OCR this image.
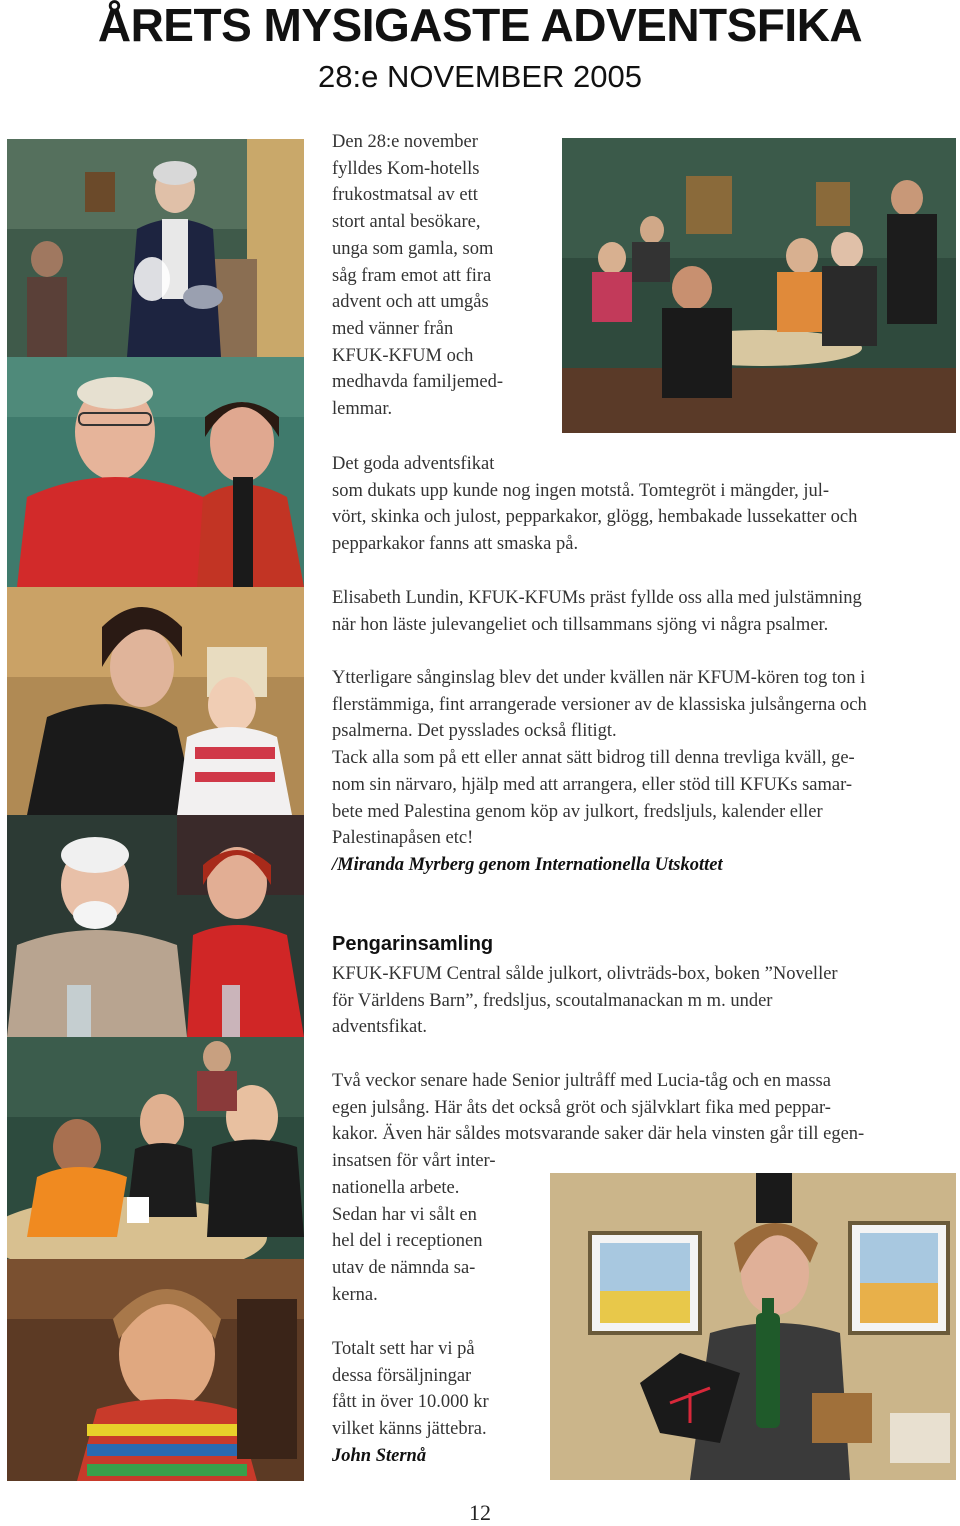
ÅRETS MYSIGASTE ADVENTSFIKA
28:e NOVEMBER 2005
Den 28:e november
fylldes Kom-hotells
frukostmatsal av ett
stort antal besökare,
unga som gamla, som
såg fram emot att fira
advent och att umgås
med vänner från
KFUK-KFUM och
medhavda familjemed-
lemmar.
Det goda adventsfikat
som dukats upp kunde nog ingen motstå. Tomtegröt i mängder, jul-
vört, skinka och julost, pepparkakor, glögg, hembakade lussekatter och
pepparkakor fanns att smaska på.
Elisabeth Lundin, KFUK-KFUMs präst fyllde oss alla med julstämning
när hon läste julevangeliet och tillsammans sjöng vi några psalmer.
Ytterligare sånginslag blev det under kvällen när KFUM-kören tog ton i
flerstämmiga, fint arrangerade versioner av de klassiska julsångerna och
psalmerna. Det pysslades också flitigt.
Tack alla som på ett eller annat sätt bidrog till denna trevliga kväll, ge-
nom sin närvaro, hjälp med att arrangera, eller stöd till KFUKs samar-
bete med Palestina genom köp av julkort, fredsljuls, kalender eller
Palestinapåsen etc!
/Miranda Myrberg genom Internationella Utskottet
Pengarinsamling
KFUK-KFUM Central sålde julkort, olivträds-box, boken ”Noveller
för Världens Barn”, fredsljus, scoutalmanackan m m. under
adventsfikat.
Två veckor senare hade Senior jultråff med Lucia-tåg och en massa
egen julsång. Här åts det också gröt och självklart fika med peppar-
kakor. Även här såldes motsvarande saker där hela vinsten går till egen-
insatsen för vårt inter-
nationella arbete.
Sedan har vi sålt en
hel del i receptionen
utav de nämnda sa-
kerna.
Totalt sett har vi på
dessa försäljningar
fått in över 10.000 kr
vilket känns jättebra.
John Sternå
12
